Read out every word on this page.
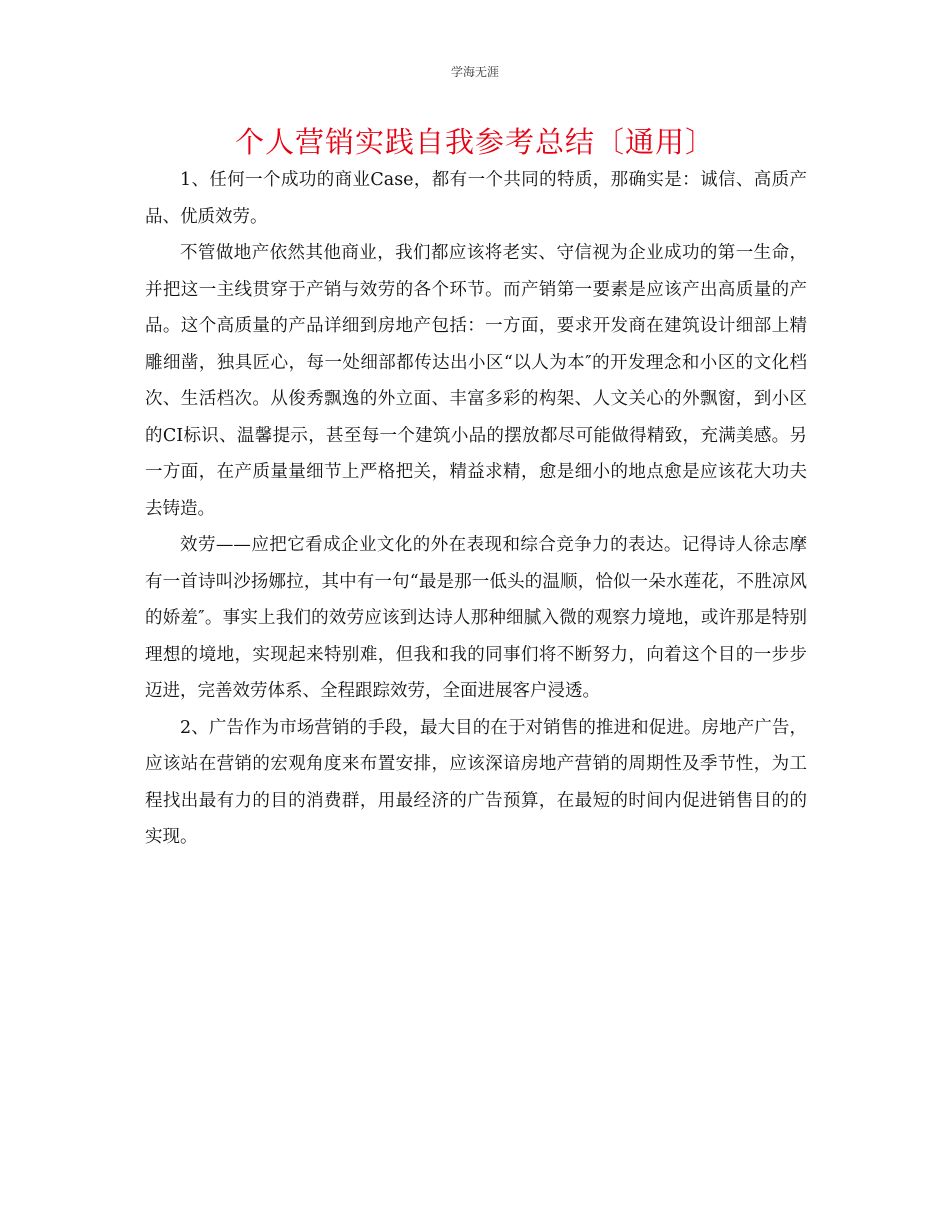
学海无涯
个人营销实践自我参考总结〔通用〕

1、任何一个成功的商业Case，都有一个共同的特质，那确实是：诚信、高质产品、优质效劳。

不管做地产依然其他商业，我们都应该将老实、守信视为企业成功的第一生命，并把这一主线贯穿于产销与效劳的各个环节。而产销第一要素是应该产出高质量的产品。这个高质量的产品详细到房地产包括：一方面，要求开发商在建筑设计细部上精雕细凿，独具匠心，每一处细部都传达出小区“以人为本″的开发理念和小区的文化档次、生活档次。从俊秀飘逸的外立面、丰富多彩的构架、人文关心的外飘窗，到小区的CI标识、温馨提示，甚至每一个建筑小品的摆放都尽可能做得精致，充满美感。另一方面，在产质量量细节上严格把关，精益求精，愈是细小的地点愈是应该花大功夫去铸造。

效劳——应把它看成企业文化的外在表现和综合竞争力的表达。记得诗人徐志摩有一首诗叫沙扬娜拉，其中有一句“最是那一低头的温顺，恰似一朵水莲花，不胜凉风的娇羞″。事实上我们的效劳应该到达诗人那种细腻入微的观察力境地，或许那是特别理想的境地，实现起来特别难，但我和我的同事们将不断努力，向着这个目的一步步迈进，完善效劳体系、全程跟踪效劳，全面进展客户浸透。

2、广告作为市场营销的手段，最大目的在于对销售的推进和促进。房地产广告，应该站在营销的宏观角度来布置安排，应该深谙房地产营销的周期性及季节性，为工程找出最有力的目的消费群，用最经济的广告预算，在最短的时间内促进销售目的的实现。
